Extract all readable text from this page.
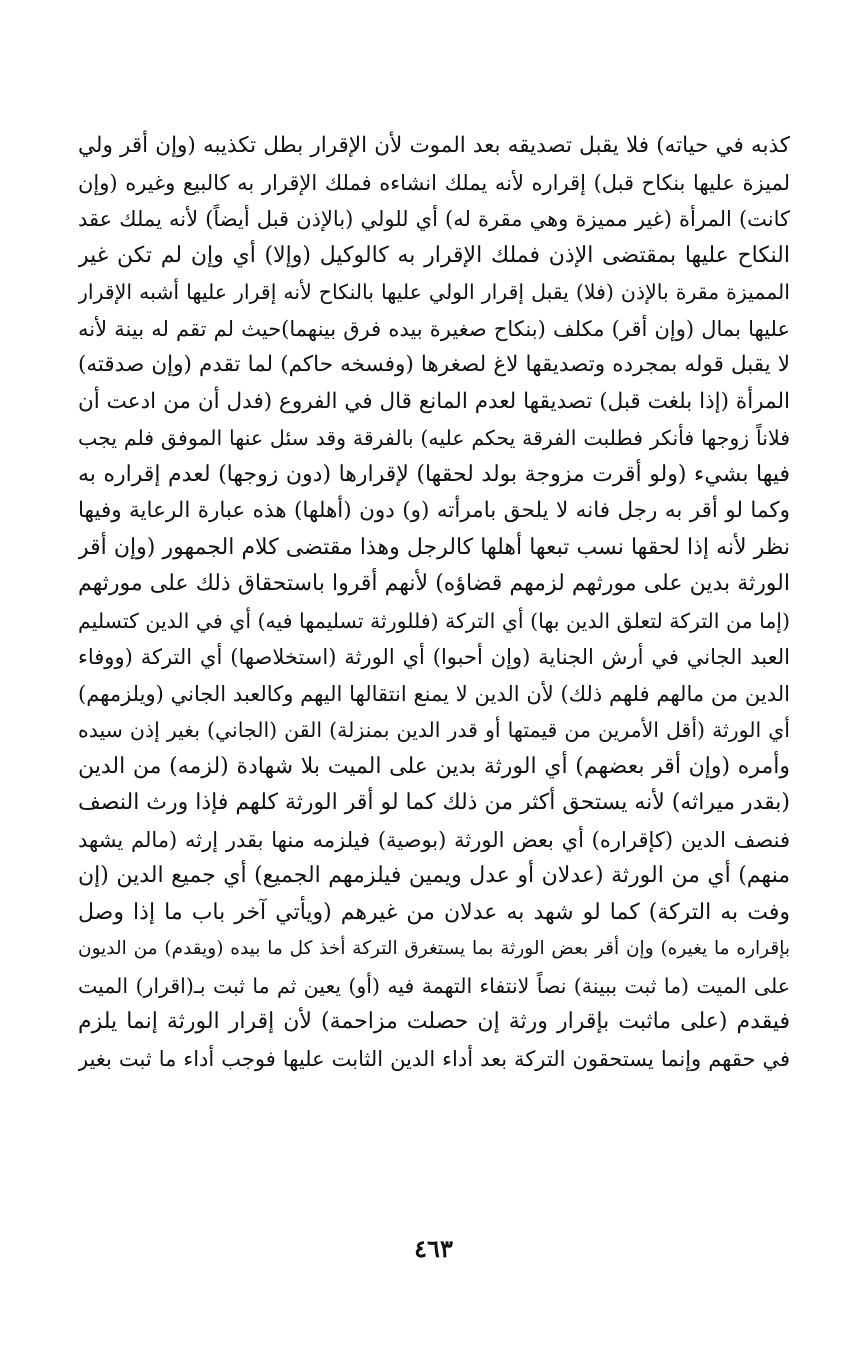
كذبه في حياته) فلا يقبل تصديقه بعد الموت لأن الإقرار بطل تكذيبه (وإن أقر ولي
لميزة عليها بنكاح قبل) إقراره لأنه يملك انشاءه فملك الإقرار به كالبيع وغيره (وإن
كانت) المرأة (غير مميزة وهي مقرة له) أي للولي (بالإذن قبل أيضاً) لأنه يملك عقد
النكاح عليها بمقتضى الإذن فملك الإقرار به كالوكيل (وإلا) أي وإن لم تكن غير
المميزة مقرة بالإذن (فلا) يقبل إقرار الولي عليها بالنكاح لأنه إقرار عليها أشبه الإقرار
عليها بمال (وإن أقر) مكلف (بنكاح صغيرة بيده فرق بينهما)حيث لم تقم له بينة لأنه
لا يقبل قوله بمجرده وتصديقها لاغ لصغرها (وفسخه حاكم) لما تقدم (وإن صدقته)
المرأة (إذا بلغت قبل) تصديقها لعدم المانع قال في الفروع (فدل أن من ادعت أن
فلاناً زوجها فأنكر فطلبت الفرقة يحكم عليه) بالفرقة وقد سئل عنها الموفق فلم يجب
فيها بشيء (ولو أقرت مزوجة بولد لحقها) لإقرارها (دون زوجها) لعدم إقراره به
وكما لو أقر به رجل فانه لا يلحق بامرأته (و) دون (أهلها) هذه عبارة الرعاية وفيها
نظر لأنه إذا لحقها نسب تبعها أهلها كالرجل وهذا مقتضى كلام الجمهور (وإن أقر
الورثة بدين على مورثهم لزمهم قضاؤه) لأنهم أقروا باستحقاق ذلك على مورثهم
(إما من التركة لتعلق الدين بها) أي التركة (فللورثة تسليمها فيه) أي في الدين كتسليم
العبد الجاني في أرش الجناية (وإن أحبوا) أي الورثة (استخلاصها) أي التركة (ووفاء
الدين من مالهم فلهم ذلك) لأن الدين لا يمنع انتقالها اليهم وكالعبد الجاني (ويلزمهم)
أي الورثة (أقل الأمرين من قيمتها أو قدر الدين بمنزلة) القن (الجاني) بغير إذن سيده
وأمره (وإن أقر بعضهم) أي الورثة بدين على الميت بلا شهادة (لزمه) من الدين
(بقدر ميراثه) لأنه يستحق أكثر من ذلك كما لو أقر الورثة كلهم فإذا ورث النصف
فنصف الدين (كإقراره) أي بعض الورثة (بوصية) فيلزمه منها بقدر إرثه (مالم يشهد
منهم) أي من الورثة (عدلان أو عدل ويمين فيلزمهم الجميع) أي جميع الدين (إن
وفت به التركة) كما لو شهد به عدلان من غيرهم (ويأتي آخر باب ما إذا وصل
بإقراره ما يغيره) وإن أقر بعض الورثة بما يستغرق التركة أخذ كل ما بيده (ويقدم) من الديون
على الميت (ما ثبت ببينة) نصاً لانتفاء التهمة فيه (أو) يعين ثم ما ثبت بـ(اقرار) الميت
فيقدم (على ماثبت بإقرار ورثة إن حصلت مزاحمة) لأن إقرار الورثة إنما يلزم
في حقهم وإنما يستحقون التركة بعد أداء الدين الثابت عليها فوجب أداء ما ثبت بغير
٤٦٣
